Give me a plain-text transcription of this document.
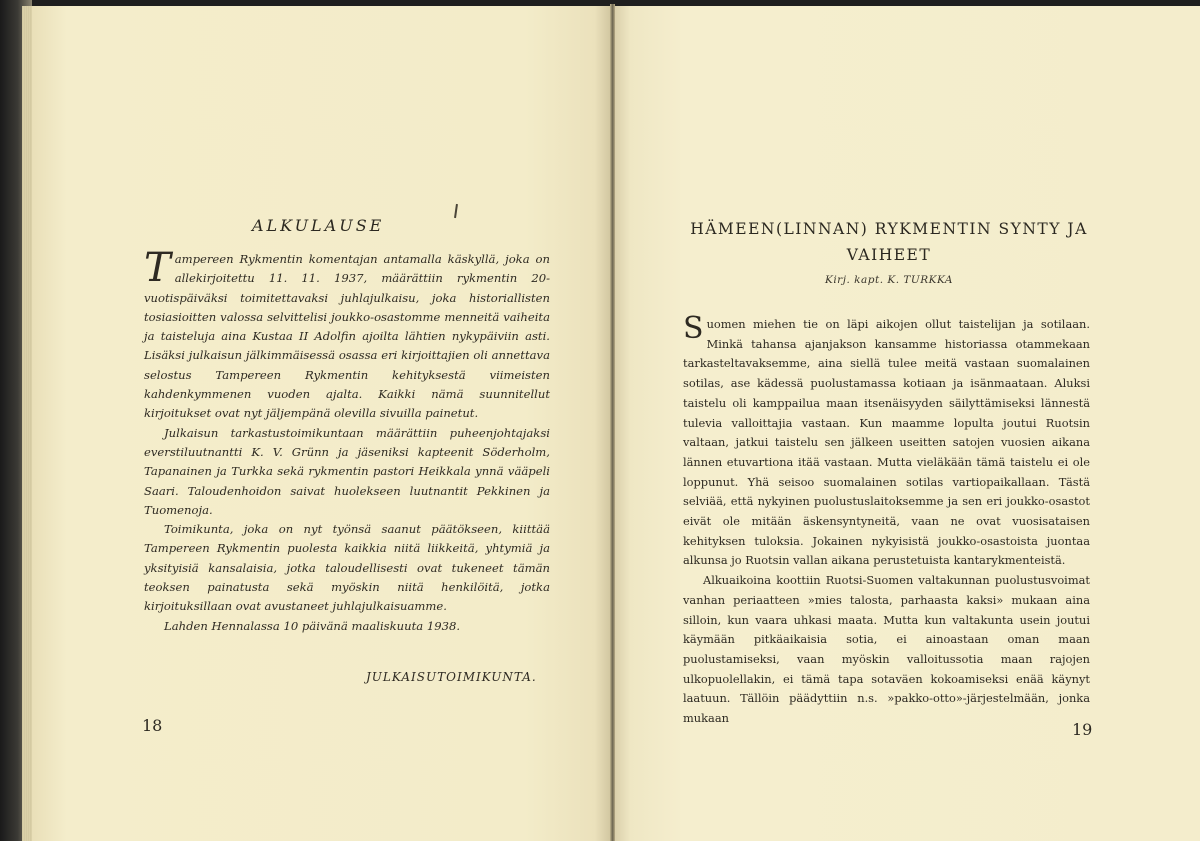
ALKULAUSE

Tampereen Rykmentin komentajan antamalla käskyllä, joka on allekirjoitettu 11. 11. 1937, määrättiin rykmentin 20-vuotispäiväksi toimitettavaksi juhlajulkaisu, joka historiallisten tosiasioitten valossa selvittelisi joukko-osastomme menneitä vaiheita ja taisteluja aina Kustaa II Adolfin ajoilta lähtien nykypäiviin asti. Lisäksi julkaisun jälkimmäisessä osassa eri kirjoittajien oli annettava selostus Tampereen Rykmentin kehityksestä viimeisten kahdenkymmenen vuoden ajalta. Kaikki nämä suunnitellut kirjoitukset ovat nyt jäljempänä olevilla sivuilla painetut.

Julkaisun tarkastustoimikuntaan määrättiin puheenjohtajaksi everstiluutnantti K. V. Grünn ja jäseniksi kapteenit Söderholm, Tapanainen ja Turkka sekä rykmentin pastori Heikkala ynnä vääpeli Saari. Taloudenhoidon saivat huolekseen luutnantit Pekkinen ja Tuomenoja.

Toimikunta, joka on nyt työnsä saanut päätökseen, kiittää Tampereen Rykmentin puolesta kaikkia niitä liikkeitä, yhtymiä ja yksityisiä kansalaisia, jotka taloudellisesti ovat tukeneet tämän teoksen painatusta sekä myöskin niitä henkilöitä, jotka kirjoituksillaan ovat avustaneet juhlajulkaisuamme.

Lahden Hennalassa 10 päivänä maaliskuuta 1938.

JULKAISUTOIMIKUNTA.
18
HÄMEEN(LINNAN) RYKMENTIN SYNTY JA VAIHEET
Kirj. kapt. K. TURKKA

Suomen miehen tie on läpi aikojen ollut taistelijan ja sotilaan. Minkä tahansa ajanjakson kansamme historiassa otammekaan tarkasteltavaksemme, aina siellä tulee meitä vastaan suomalainen sotilas, ase kädessä puolustamassa kotiaan ja isänmaataan. Aluksi taistelu oli kamppailua maan itsenäisyyden säilyttämiseksi lännestä tulevia valloittajia vastaan. Kun maamme lopulta joutui Ruotsin valtaan, jatkui taistelu sen jälkeen useitten satojen vuosien aikana lännen etuvartiona itää vastaan. Mutta vieläkään tämä taistelu ei ole loppunut. Yhä seisoo suomalainen sotilas vartiopaikallaan. Tästä selviää, että nykyinen puolustuslaitoksemme ja sen eri joukko-osastot eivät ole mitään äskensyntyneitä, vaan ne ovat vuosisataisen kehityksen tuloksia. Jokainen nykyisistä joukko-osastoista juontaa alkunsa jo Ruotsin vallan aikana perustetuista kantarykmenteistä.

Alkuaikoina koottiin Ruotsi-Suomen valtakunnan puolustusvoimat vanhan periaatteen »mies talosta, parhaasta kaksi» mukaan aina silloin, kun vaara uhkasi maata. Mutta kun valtakunta usein joutui käymään pitkäaikaisia sotia, ei ainoastaan oman maan puolustamiseksi, vaan myöskin valloitussotia maan rajojen ulkopuolellakin, ei tämä tapa sotaväen kokoamiseksi enää käynyt laatuun. Tällöin päädyttiin n.s. »pakko-otto»-järjestelmään, jonka mukaan

19
